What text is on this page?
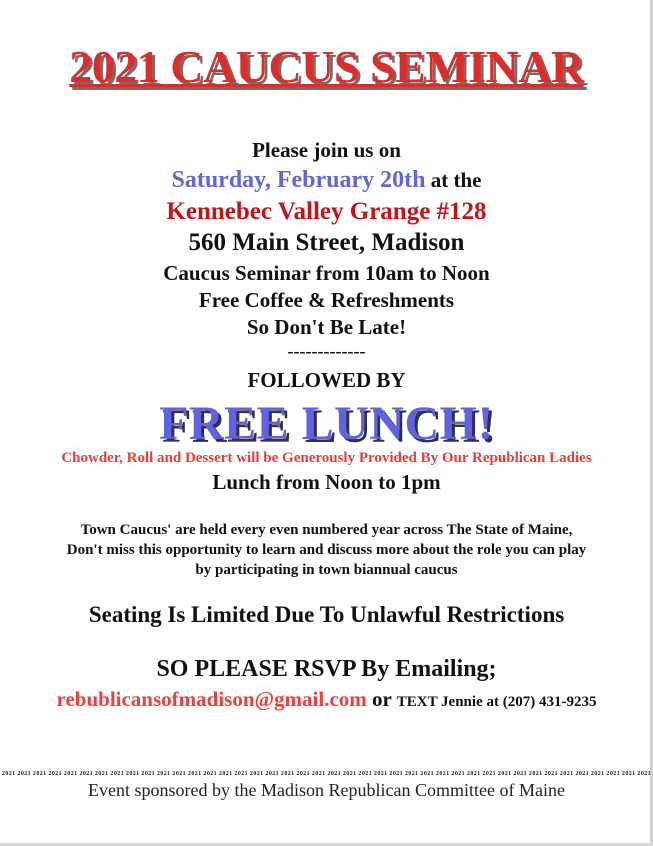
2021 CAUCUS SEMINAR
Please join us on
Saturday, February 20th at the
Kennebec Valley Grange #128
560 Main Street, Madison
Caucus Seminar from 10am to Noon
Free Coffee & Refreshments
So Don't Be Late!
-------------
FOLLOWED BY
FREE LUNCH!
Chowder, Roll and Dessert will be Generously Provided By Our Republican Ladies
Lunch from Noon to 1pm
Town Caucus' are held every even numbered year across The State of Maine,
Don't miss this opportunity to learn and discuss more about the role you can play
by participating in town biannual caucus
Seating Is Limited Due To Unlawful Restrictions
SO PLEASE RSVP By Emailing;
rebublicansofmadison@gmail.com or TEXT Jennie at (207) 431-9235
2021 2021 2021 2021 2021 2021 2021 2021 2021 2021 2021 2021 2021 2021 2021 2021 2021 2021 2021 2021 2021 2021 2021 2021 2021 2021 2021 2021 2021 2021 2021 2021 2021 2021 2021 2021 2021 2021 2021 2021 2021 2021
Event sponsored by the Madison Republican Committee of Maine
